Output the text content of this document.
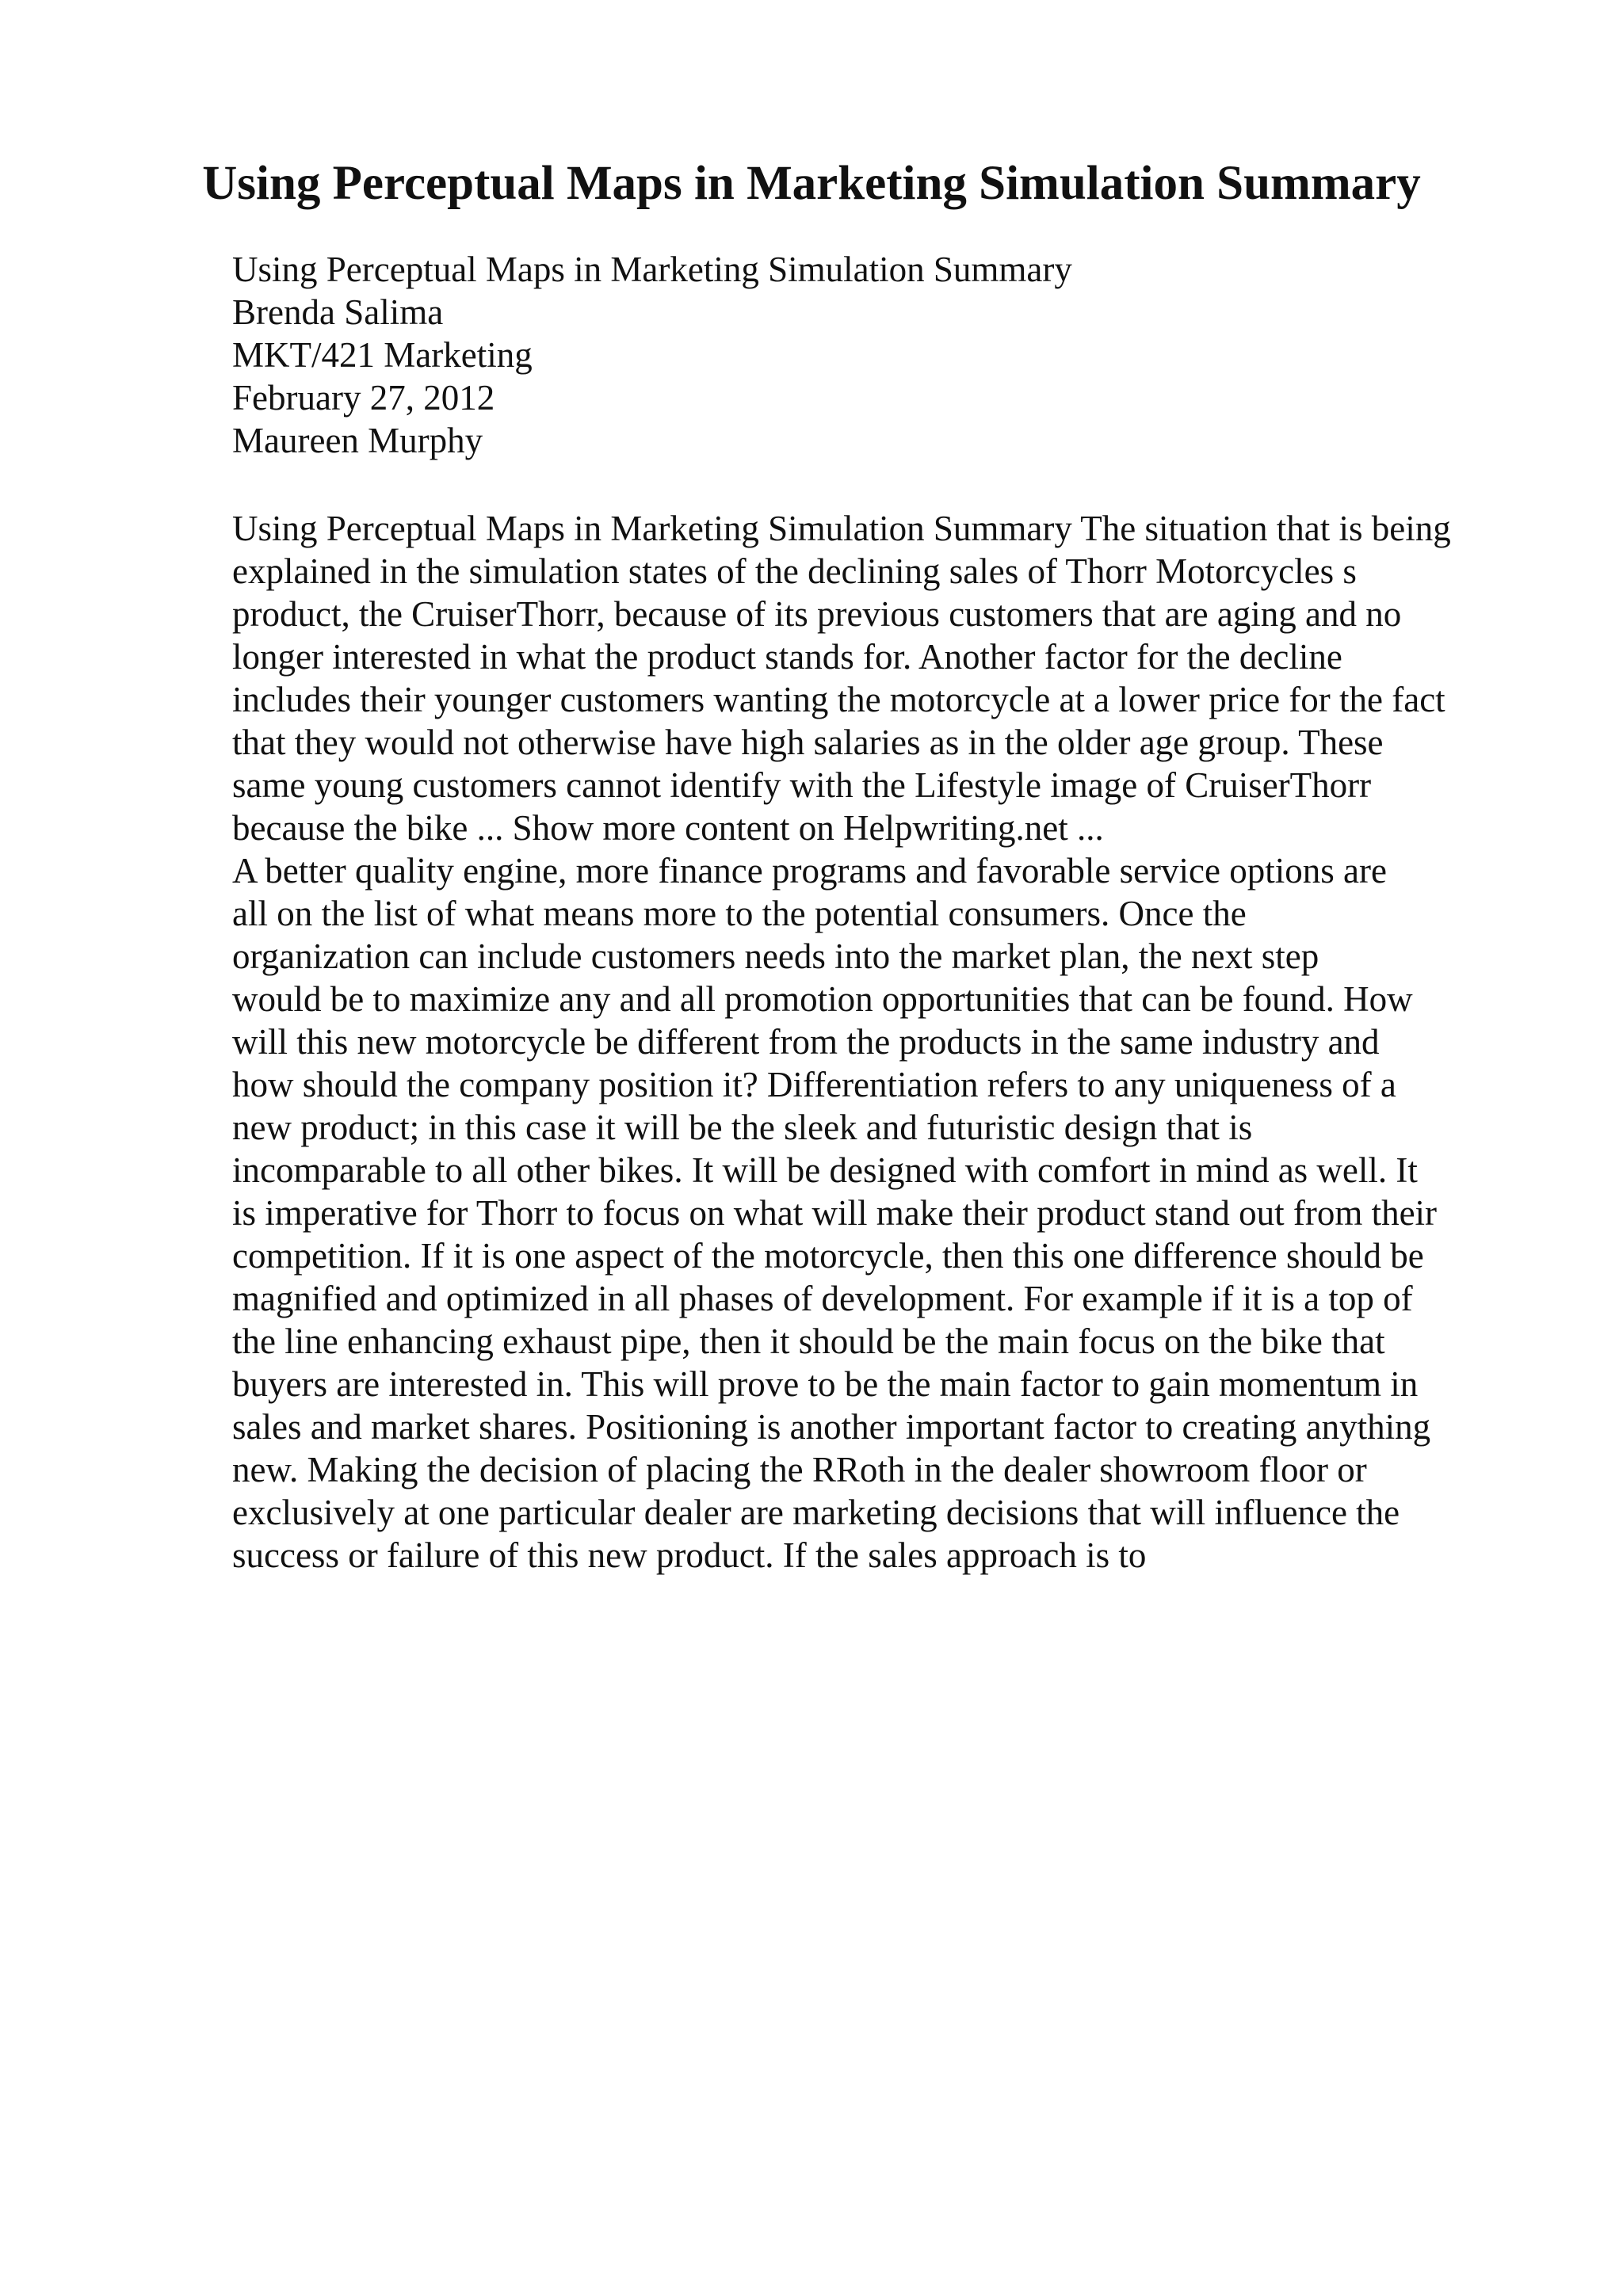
Using Perceptual Maps in Marketing Simulation Summary
Using Perceptual Maps in Marketing Simulation Summary
Brenda Salima
MKT/421 Marketing
February 27, 2012
Maureen Murphy
Using Perceptual Maps in Marketing Simulation Summary The situation that is being
explained in the simulation states of the declining sales of Thorr Motorcycles s
product, the CruiserThorr, because of its previous customers that are aging and no
longer interested in what the product stands for. Another factor for the decline
includes their younger customers wanting the motorcycle at a lower price for the fact
that they would not otherwise have high salaries as in the older age group. These
same young customers cannot identify with the Lifestyle image of CruiserThorr
because the bike ... Show more content on Helpwriting.net ...
A better quality engine, more finance programs and favorable service options are
all on the list of what means more to the potential consumers. Once the
organization can include customers needs into the market plan, the next step
would be to maximize any and all promotion opportunities that can be found. How
will this new motorcycle be different from the products in the same industry and
how should the company position it? Differentiation refers to any uniqueness of a
new product; in this case it will be the sleek and futuristic design that is
incomparable to all other bikes. It will be designed with comfort in mind as well. It
is imperative for Thorr to focus on what will make their product stand out from their
competition. If it is one aspect of the motorcycle, then this one difference should be
magnified and optimized in all phases of development. For example if it is a top of
the line enhancing exhaust pipe, then it should be the main focus on the bike that
buyers are interested in. This will prove to be the main factor to gain momentum in
sales and market shares. Positioning is another important factor to creating anything
new. Making the decision of placing the RRoth in the dealer showroom floor or
exclusively at one particular dealer are marketing decisions that will influence the
success or failure of this new product. If the sales approach is to
